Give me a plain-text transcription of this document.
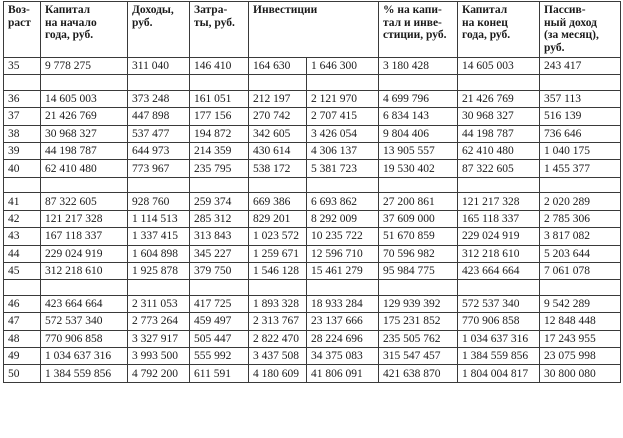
Воз-
раст	Капитал
на начало
года, руб.	Доходы,
руб.	Затра-
ты, руб.	Инвестиции		% на капи-
тал и инве-
стиции, руб.	Капитал
на конец
года, руб.	Пассив-
ный доход
(за месяц),
руб.
35	9 778 275	311 040	146 410	164 630	1 646 300	3 180 428	14 605 003	243 417

36	14 605 003	373 248	161 051	212 197	2 121 970	4 699 796	21 426 769	357 113
37	21 426 769	447 898	177 156	270 742	2 707 415	6 834 143	30 968 327	516 139
38	30 968 327	537 477	194 872	342 605	3 426 054	9 804 406	44 198 787	736 646
39	44 198 787	644 973	214 359	430 614	4 306 137	13 905 557	62 410 480	1 040 175
40	62 410 480	773 967	235 795	538 172	5 381 723	19 530 402	87 322 605	1 455 377

41	87 322 605	928 760	259 374	669 386	6 693 862	27 200 861	121 217 328	2 020 289
42	121 217 328	1 114 513	285 312	829 201	8 292 009	37 609 000	165 118 337	2 785 306
43	167 118 337	1 337 415	313 843	1 023 572	10 235 722	51 670 859	229 024 919	3 817 082
44	229 024 919	1 604 898	345 227	1 259 671	12 596 710	70 596 982	312 218 610	5 203 644
45	312 218 610	1 925 878	379 750	1 546 128	15 461 279	95 984 775	423 664 664	7 061 078

46	423 664 664	2 311 053	417 725	1 893 328	18 933 284	129 939 392	572 537 340	9 542 289
47	572 537 340	2 773 264	459 497	2 313 767	23 137 666	175 231 852	770 906 858	12 848 448
48	770 906 858	3 327 917	505 447	2 822 470	28 224 696	235 505 762	1 034 637 316	17 243 955
49	1 034 637 316	3 993 500	555 992	3 437 508	34 375 083	315 547 457	1 384 559 856	23 075 998
50	1 384 559 856	4 792 200	611 591	4 180 609	41 806 091	421 638 870	1 804 004 817	30 800 080
